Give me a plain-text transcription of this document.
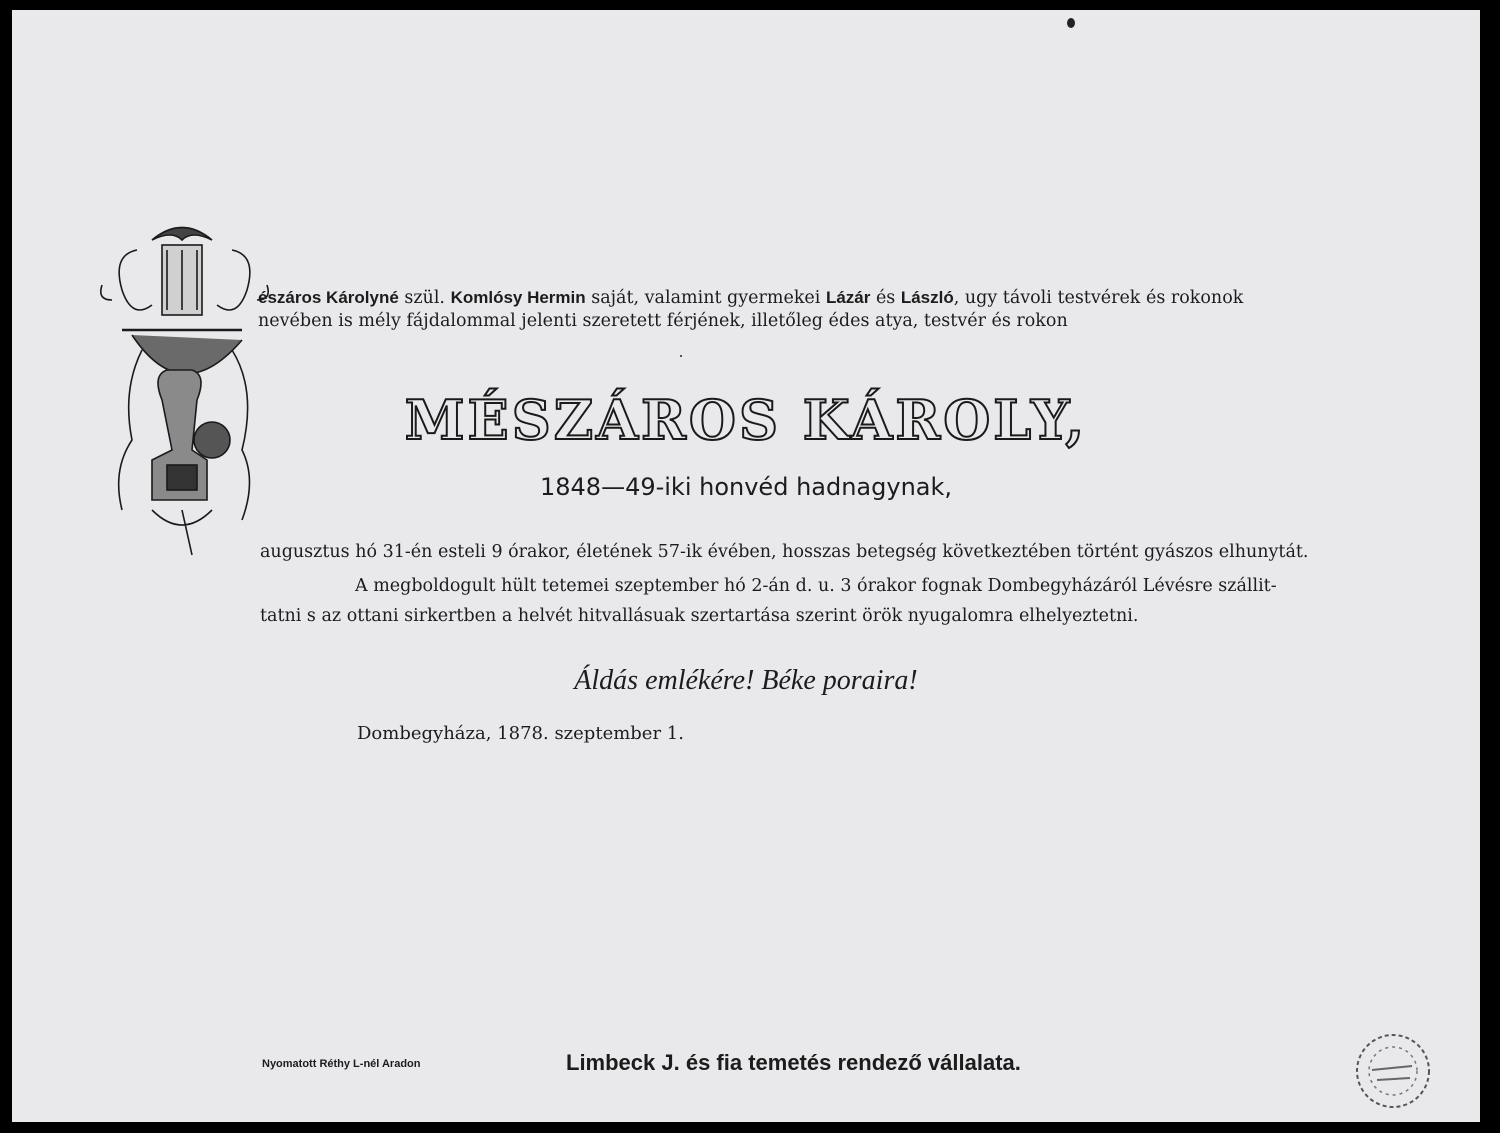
észáros Károlyné szül. Komlósy Hermin saját, valamint gyermekei Lázár és László, ugy távoli testvérek és rokonok
nevében is mély fájdalommal jelenti szeretett férjének, illetőleg édes atya, testvér és rokon
MÉSZÁROS KÁROLY,
1848—49-iki honvéd hadnagynak,
augusztus hó 31-én esteli 9 órakor, életének 57-ik évében, hosszas betegség következtében történt gyászos elhunytát.
A megboldogult hült tetemei szeptember hó 2-án d. u. 3 órakor fognak Dombegyházáról Lévésre szállit-
tatni s az ottani sirkertben a helvét hitvallásuak szertartása szerint örök nyugalomra elhelyeztetni.
Áldás emlékére! Béke poraira!
Dombegyháza, 1878. szeptember 1.
Nyomatott Réthy L-nél Aradon	Limbeck J. és fia temetés rendező vállalata.
